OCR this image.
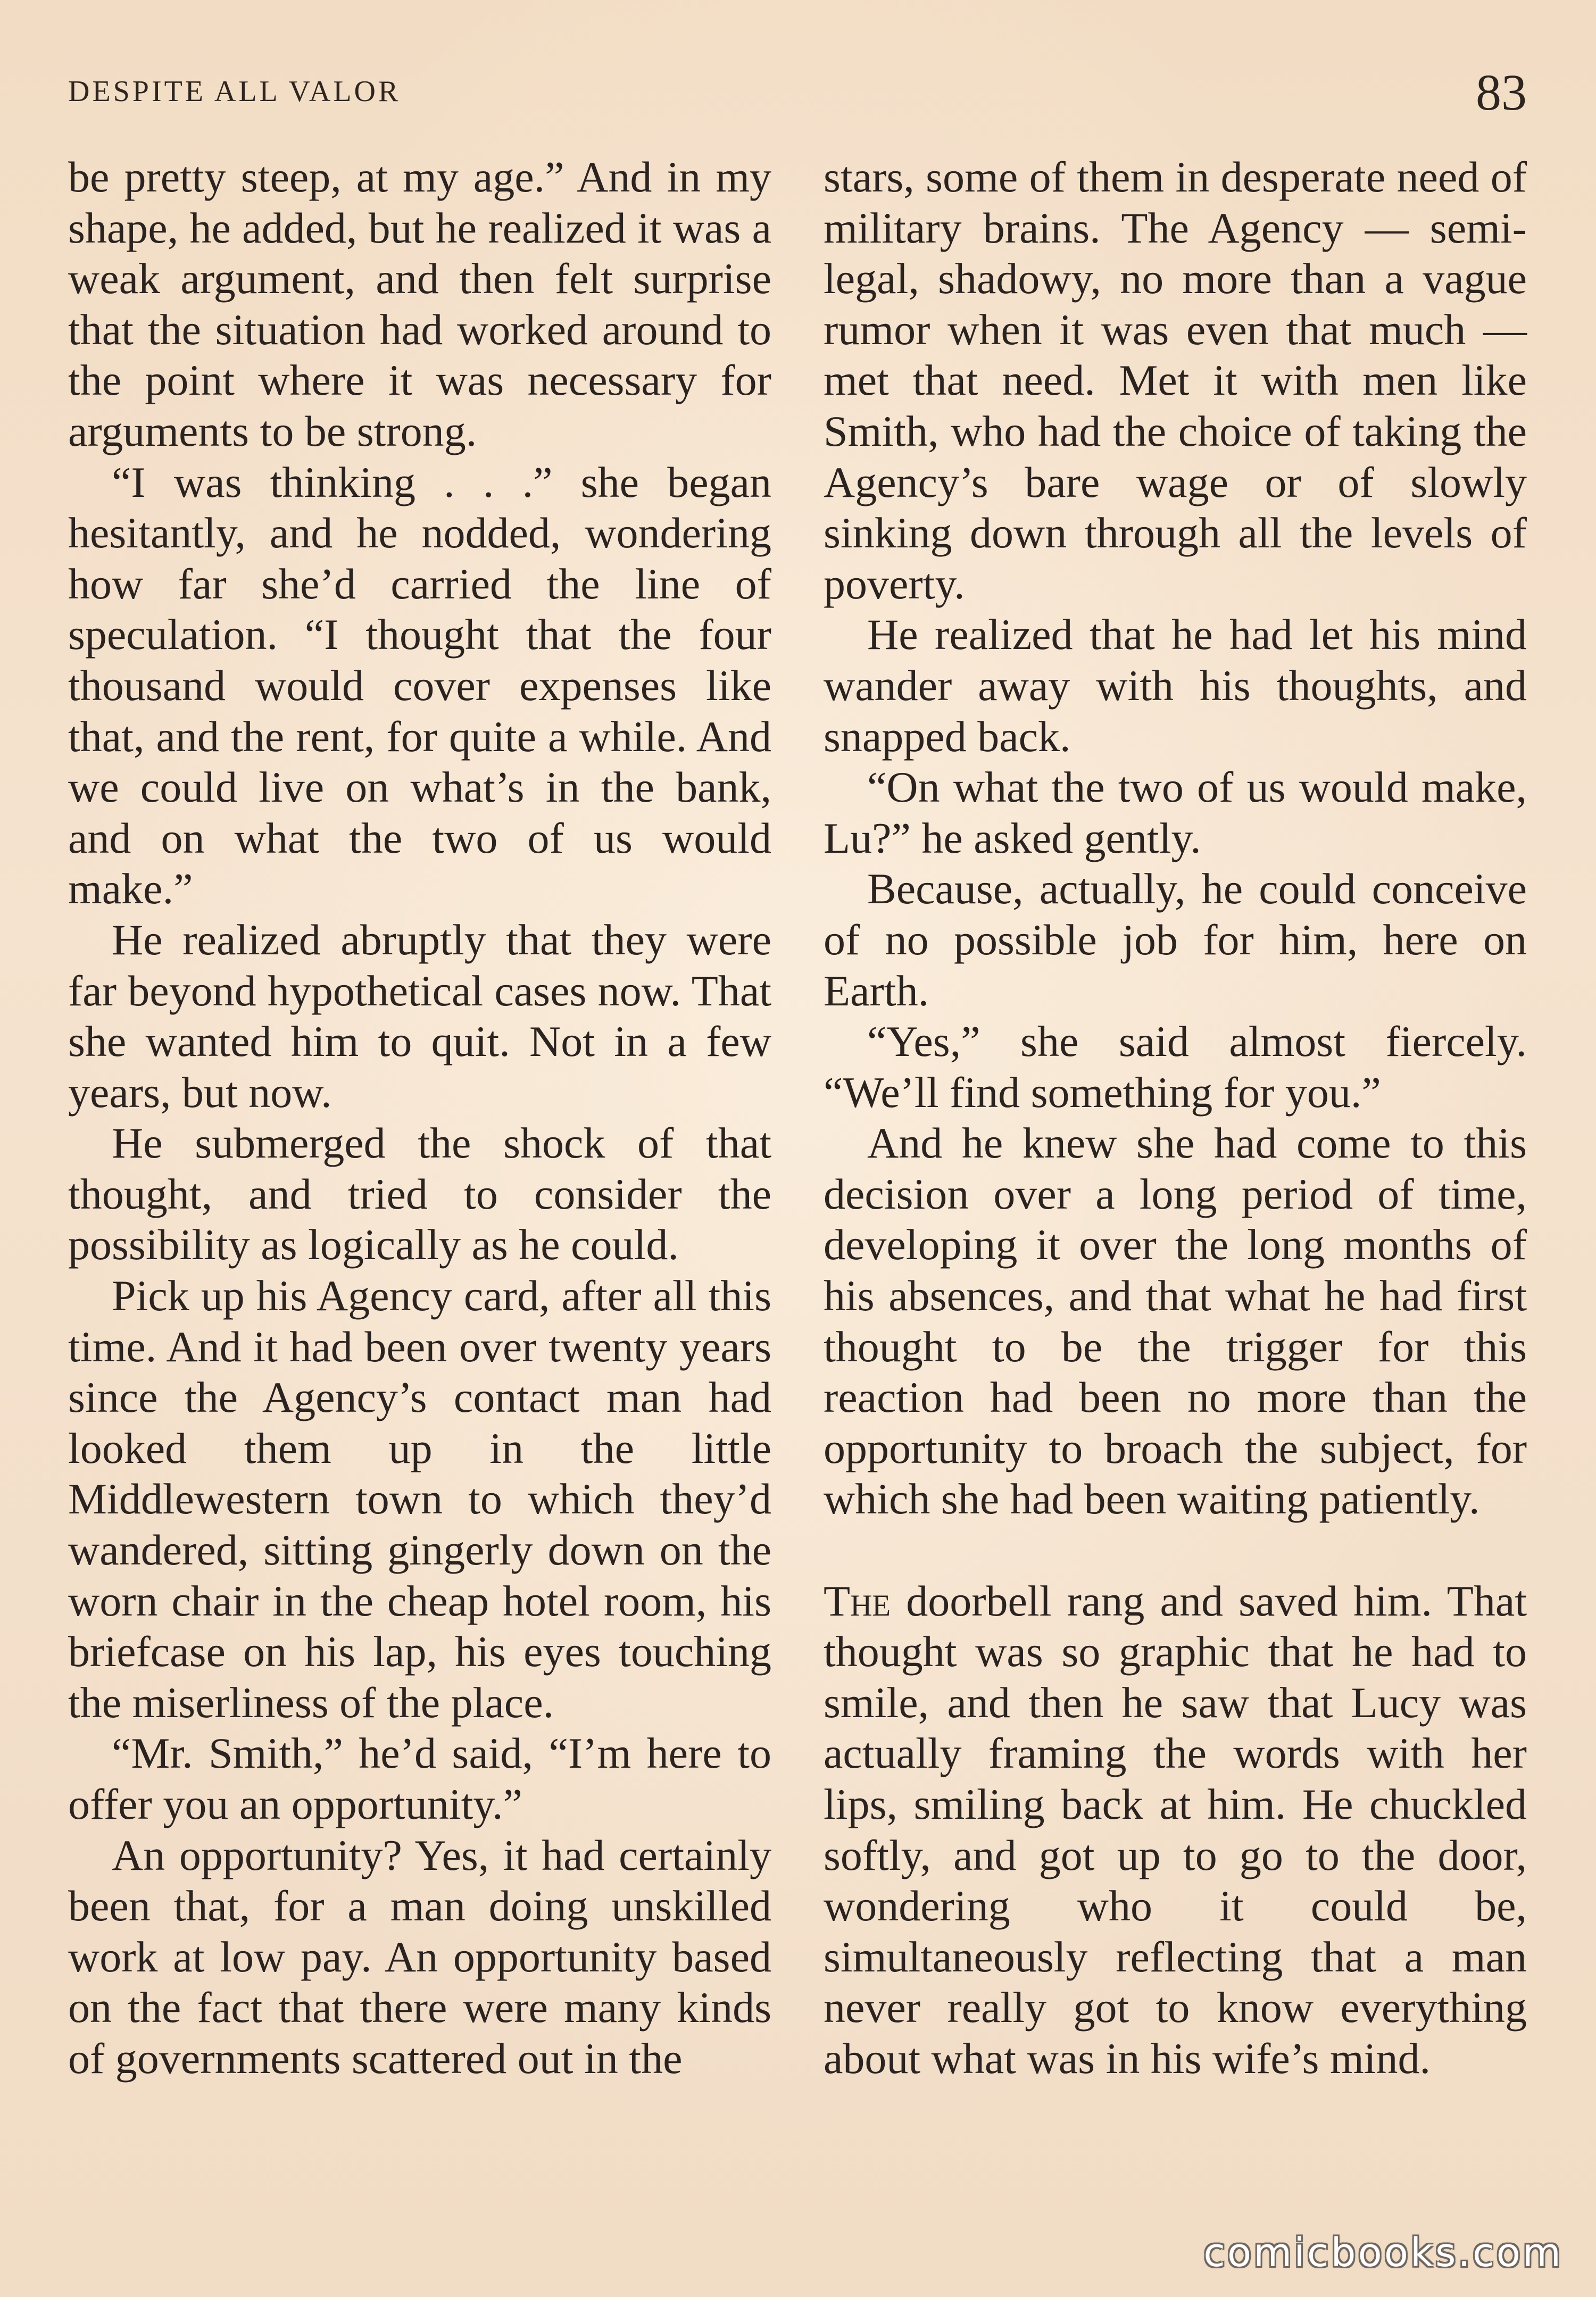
DESPITE ALL VALOR	83

be pretty steep, at my age.” And in my shape, he added, but he realized it was a weak argument, and then felt surprise that the situation had worked around to the point where it was necessary for arguments to be strong.

“I was thinking . . .” she began hesitantly, and he nodded, wondering how far she’d carried the line of speculation. “I thought that the four thousand would cover expenses like that, and the rent, for quite a while. And we could live on what’s in the bank, and on what the two of us would make.”

He realized abruptly that they were far beyond hypothetical cases now. That she wanted him to quit. Not in a few years, but now.

He submerged the shock of that thought, and tried to consider the possibility as logically as he could.

Pick up his Agency card, after all this time. And it had been over twenty years since the Agency’s contact man had looked them up in the little Middlewestern town to which they’d wandered, sitting gingerly down on the worn chair in the cheap hotel room, his briefcase on his lap, his eyes touching the miserliness of the place.

“Mr. Smith,” he’d said, “I’m here to offer you an opportunity.”

An opportunity? Yes, it had certainly been that, for a man doing unskilled work at low pay. An opportunity based on the fact that there were many kinds of governments scattered out in the

stars, some of them in desperate need of military brains. The Agency — semi-legal, shadowy, no more than a vague rumor when it was even that much — met that need. Met it with men like Smith, who had the choice of taking the Agency’s bare wage or of slowly sinking down through all the levels of poverty.

He realized that he had let his mind wander away with his thoughts, and snapped back.

“On what the two of us would make, Lu?” he asked gently.

Because, actually, he could conceive of no possible job for him, here on Earth.

“Yes,” she said almost fiercely. “We’ll find something for you.”

And he knew she had come to this decision over a long period of time, developing it over the long months of his absences, and that what he had first thought to be the trigger for this reaction had been no more than the opportunity to broach the subject, for which she had been waiting patiently.

The doorbell rang and saved him. That thought was so graphic that he had to smile, and then he saw that Lucy was actually framing the words with her lips, smiling back at him. He chuckled softly, and got up to go to the door, wondering who it could be, simultaneously reflecting that a man never really got to know everything about what was in his wife’s mind.

comicbooks.com
